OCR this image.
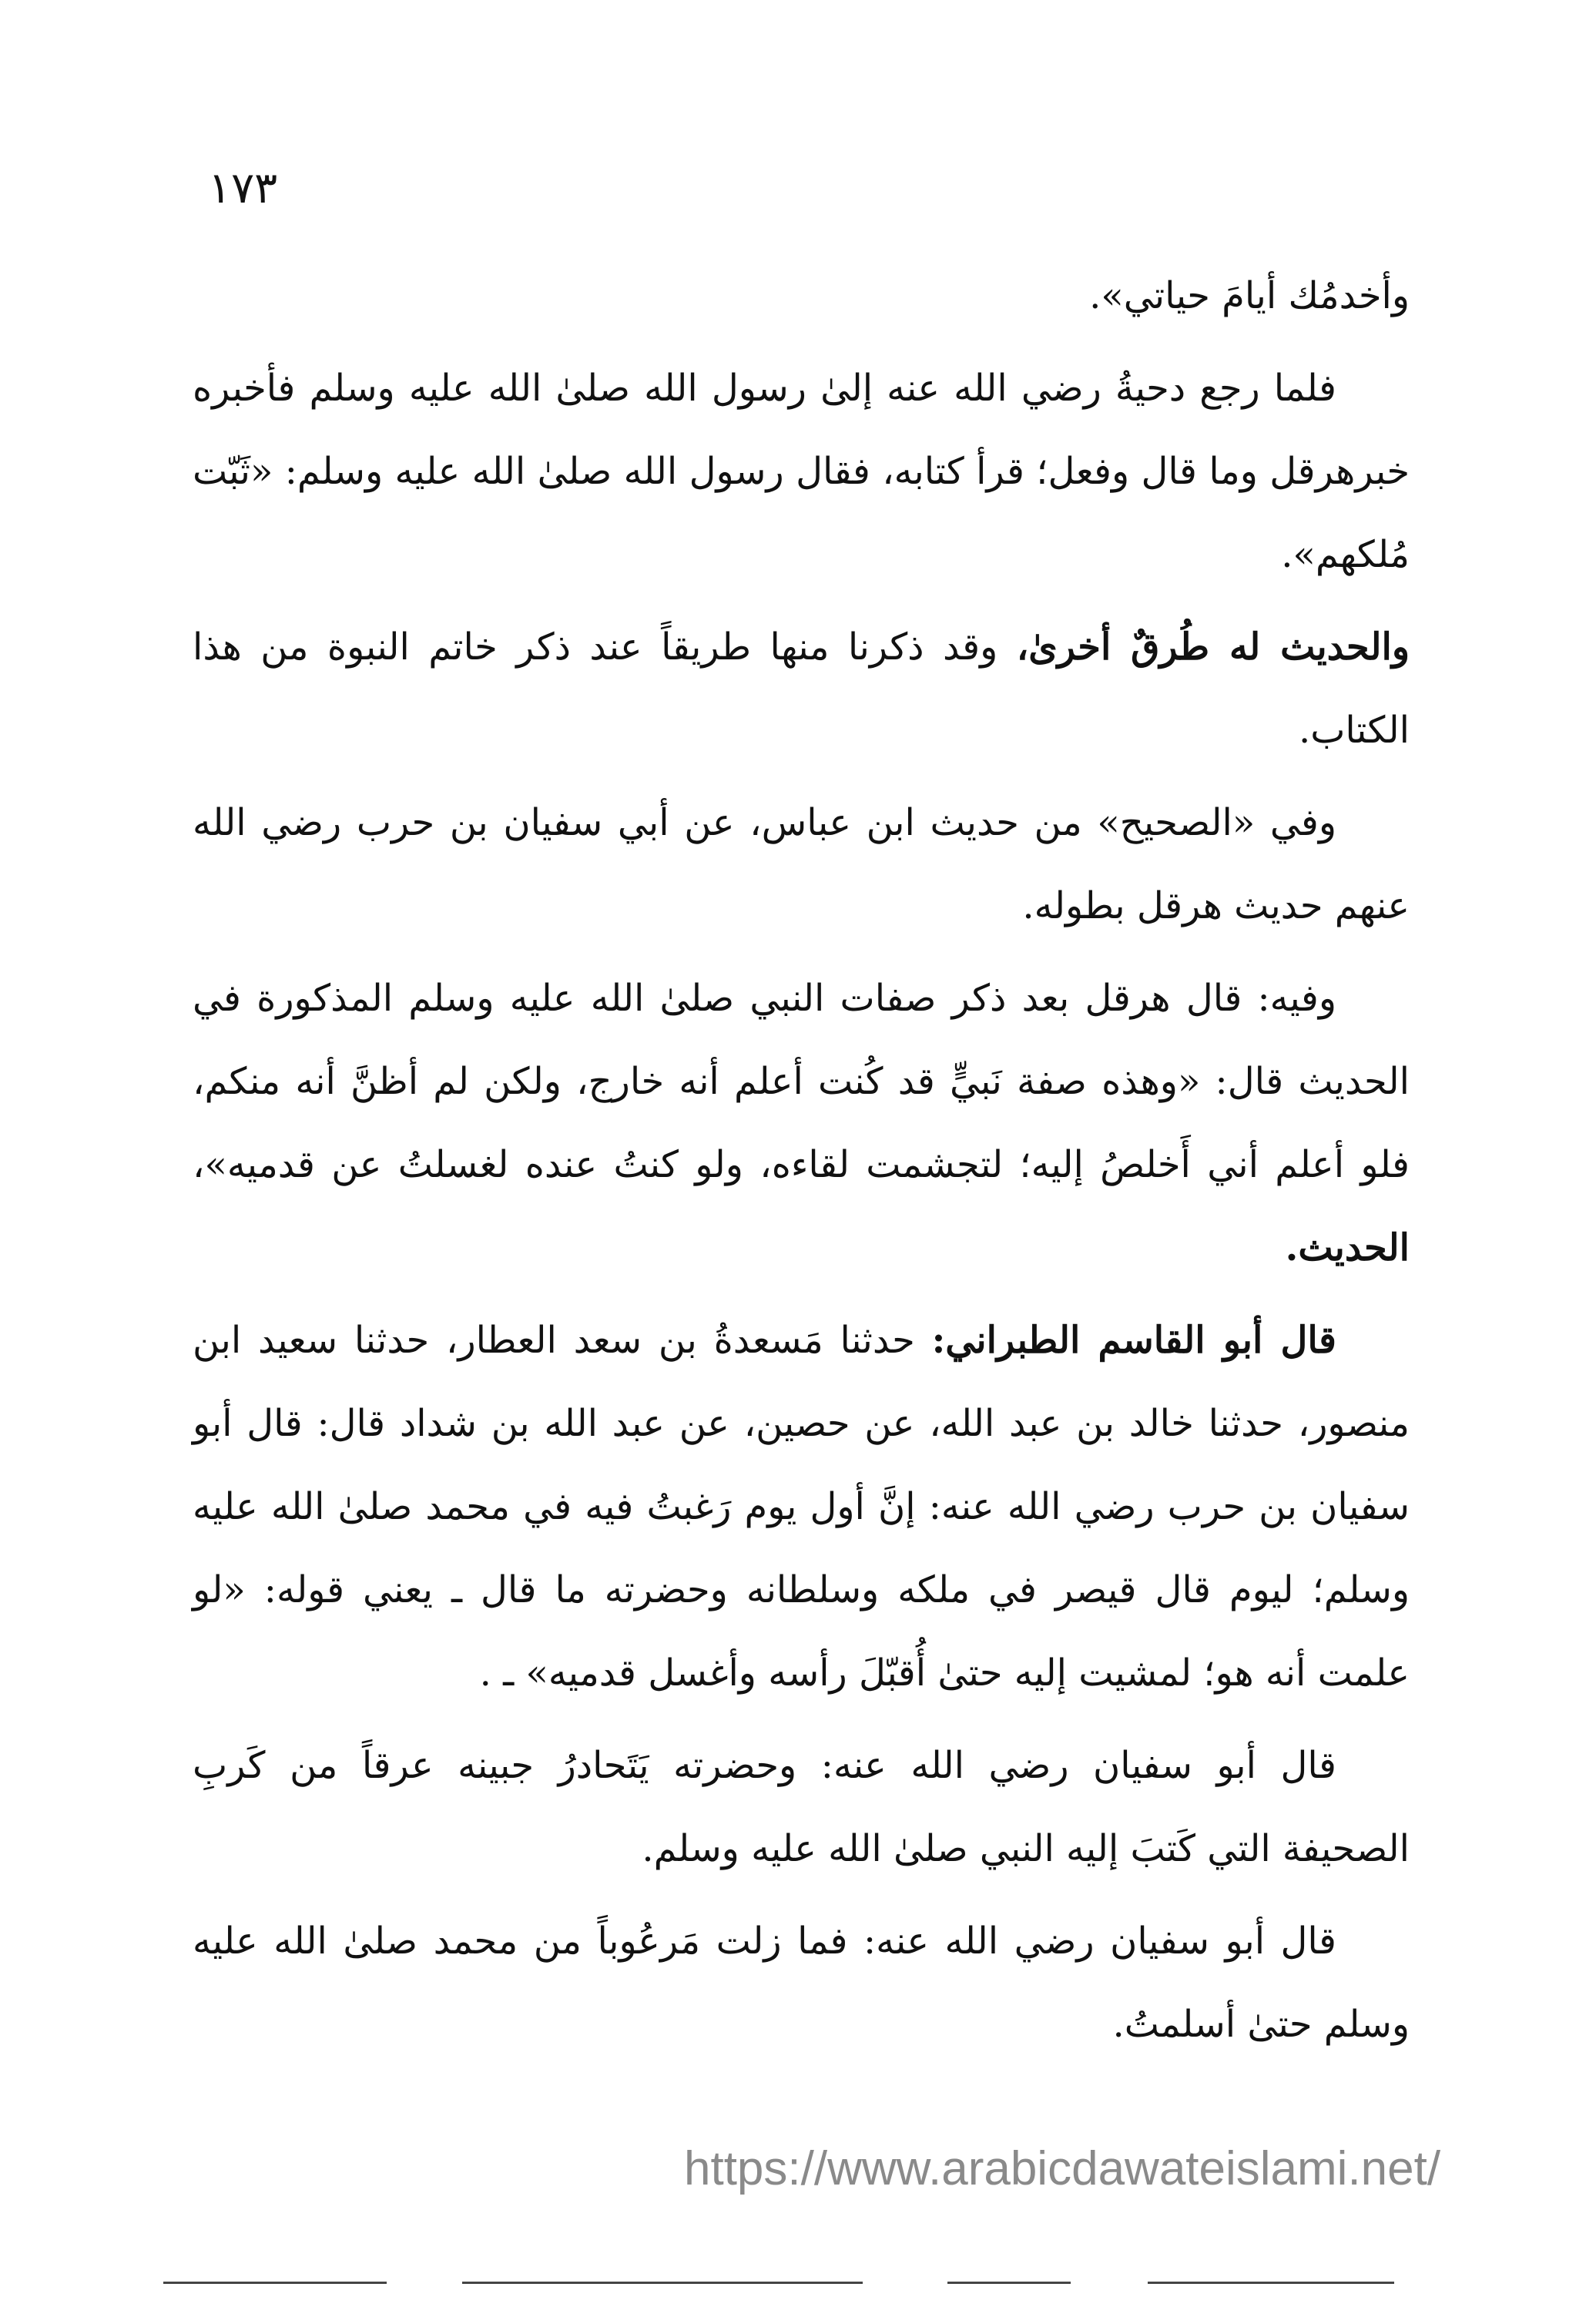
١٧٣

وأخدمُك أيامَ حياتي».

فلما رجع دحيةُ رضي الله عنه إلىٰ رسول الله صلىٰ الله عليه وسلم فأخبره خبرهرقل وما قال وفعل؛ قرأ كتابه، فقال رسول الله صلىٰ الله عليه وسلم: «ثَبّت مُلكهم».

والحديث له طُرقٌ أخرىٰ، وقد ذكرنا منها طريقاً عند ذكر خاتم النبوة من هذا الكتاب.

وفي «الصحيح» من حديث ابن عباس، عن أبي سفيان بن حرب رضي الله عنهم حديث هرقل بطوله.

وفيه: قال هرقل بعد ذكر صفات النبي صلىٰ الله عليه وسلم المذكورة في الحديث قال: «وهذه صفة نَبيٍّ قد كُنت أعلم أنه خارج، ولكن لم أظنَّ أنه منكم، فلو أعلم أني أَخلصُ إليه؛ لتجشمت لقاءه، ولو كنتُ عنده لغسلتُ عن قدميه»، الحديث.

قال أبو القاسم الطبراني: حدثنا مَسعدةُ بن سعد العطار، حدثنا سعيد ابن منصور، حدثنا خالد بن عبد الله، عن حصين، عن عبد الله بن شداد قال: قال أبو سفيان بن حرب رضي الله عنه: إنَّ أول يوم رَغبتُ فيه في محمد صلىٰ الله عليه وسلم؛ ليوم قال قيصر في ملكه وسلطانه وحضرته ما قال ـ يعني قوله: «لو علمت أنه هو؛ لمشيت إليه حتىٰ أُقبّلَ رأسه وأغسل قدميه» ـ .

قال أبو سفيان رضي الله عنه: وحضرته يَتَحادرُ جبينه عرقاً من كَربِ الصحيفة التي كَتبَ إليه النبي صلىٰ الله عليه وسلم.

قال أبو سفيان رضي الله عنه: فما زلت مَرعُوباً من محمد صلىٰ الله عليه وسلم حتىٰ أسلمتُ.

https://www.arabicdawateislami.net/
